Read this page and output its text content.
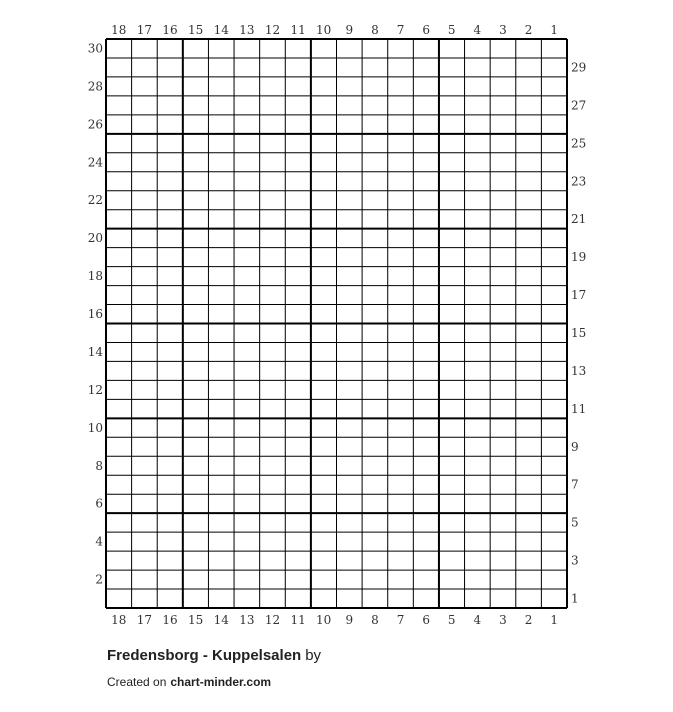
18 17 16 15 14 13 12 11 10 9 8 7 6 5 4 3 2 1
18 17 16 15 14 13 12 11 10 9 8 7 6 5 4 3 2 1
30
28
26
24
22
20
18
16
14
12
10
8
6
4
2
29
27
25
23
21
19
17
15
13
11
9
7
5
3
1
Fredensborg - Kuppelsalen by
Created on chart-minder.com
